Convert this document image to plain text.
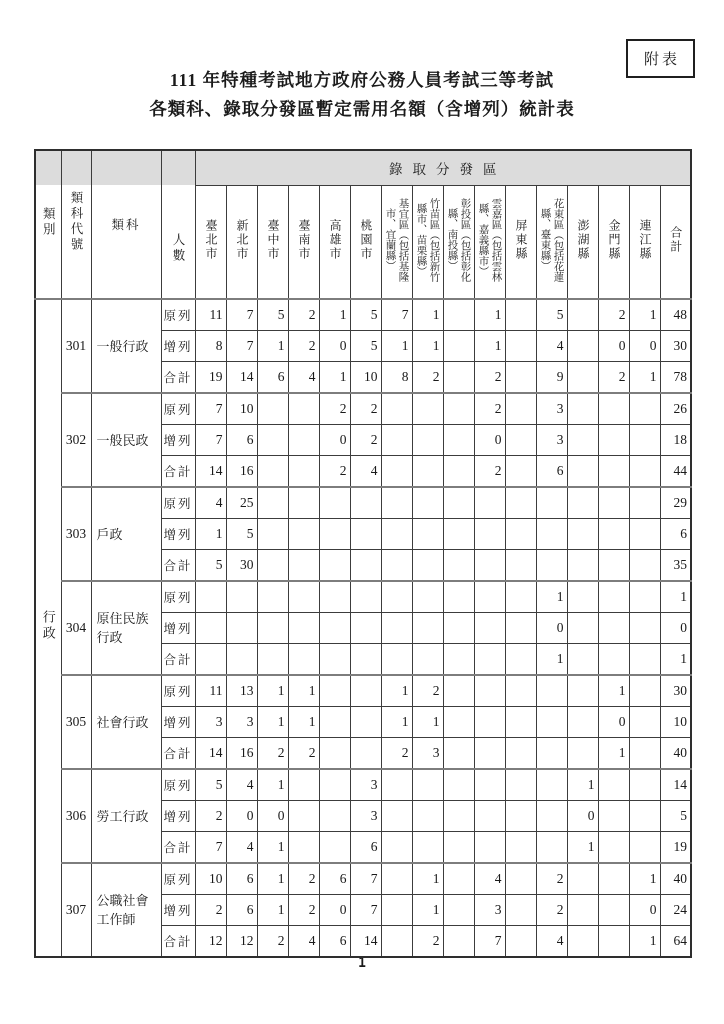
附表
111 年特種考試地方政府公務人員考試三等考試
各類科、錄取分發區暫定需用名額（含增列）統計表
類別	類科代號	類科	人數	錄取分發區															
				臺北市	新北市	臺中市	臺南市	高雄市	桃園市	基宜區（包括基隆市、宜蘭縣）	竹苗區（包括新竹縣市、苗栗縣）	彰投區（包括彰化縣、南投縣）	雲嘉區（包括雲林縣、嘉義縣市）	屏東縣	花東區（包括花蓮縣、臺東縣）	澎湖縣	金門縣	連江縣	合計
行政	301	一般行政	原列	11	7	5	2	1	5	7	1		1		5		2	1	48
			增列	8	7	1	2	0	5	1	1		1		4		0	0	30
			合計	19	14	6	4	1	10	8	2		2		9		2	1	78
	302	一般民政	原列	7	10			2	2				2		3				26
			增列	7	6			0	2				0		3				18
			合計	14	16			2	4				2		6				44
	303	戶政	原列	4	25														29
			增列	1	5														6
			合計	5	30														35
	304	原住民族行政	原列												1				1
			增列												0				0
			合計												1				1
	305	社會行政	原列	11	13	1	1			1	2						1		30
			增列	3	3	1	1			1	1						0		10
			合計	14	16	2	2			2	3						1		40
	306	勞工行政	原列	5	4	1			3							1			14
			增列	2	0	0			3							0			5
			合計	7	4	1			6							1			19
	307	公職社會工作師	原列	10	6	1	2	6	7		1		4		2			1	40
			增列	2	6	1	2	0	7		1		3		2			0	24
			合計	12	12	2	4	6	14		2		7		4			1	64
1
